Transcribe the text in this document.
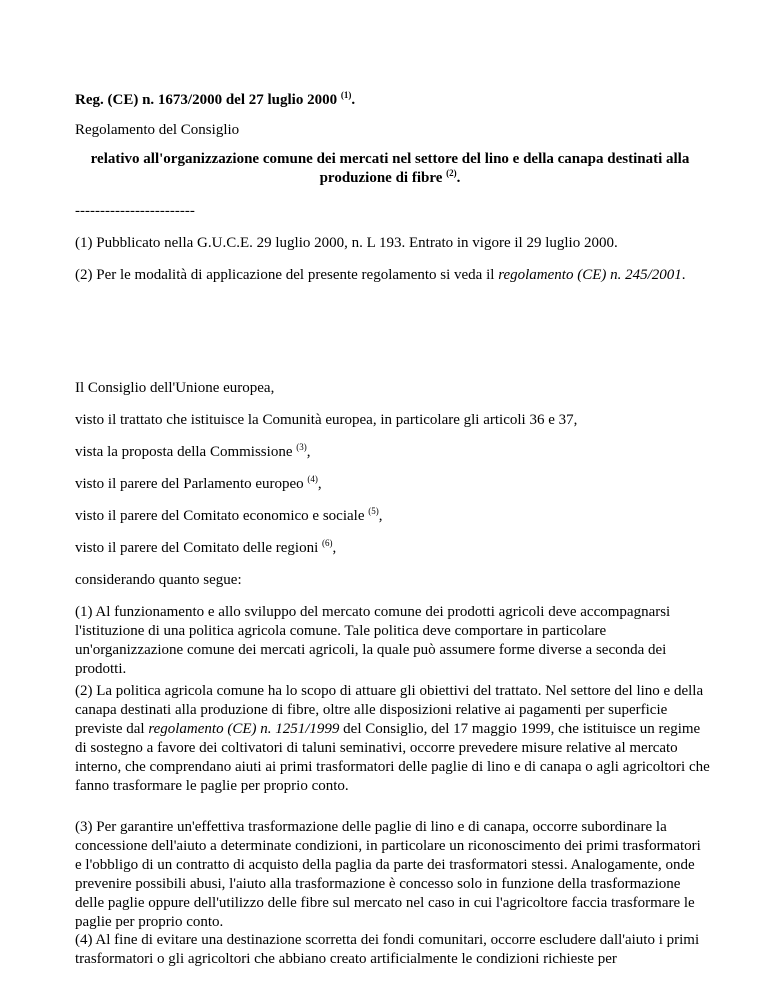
Reg. (CE) n. 1673/2000 del 27 luglio 2000 $^{(1)}$.
Regolamento del Consiglio
relativo all'organizzazione comune dei mercati nel settore del lino e della canapa destinati alla
produzione di fibre $^{(2)}$.
------------------------
(1) Pubblicato nella G.U.C.E. 29 luglio 2000, n. L 193. Entrato in vigore il 29 luglio 2000.
(2) Per le modalità di applicazione del presente regolamento si veda il regolamento (CE) n. 245/2001.
Il Consiglio dell'Unione europea,
visto il trattato che istituisce la Comunità europea, in particolare gli articoli 36 e 37,
vista la proposta della Commissione $^{(3)}$,
visto il parere del Parlamento europeo $^{(4)}$,
visto il parere del Comitato economico e sociale $^{(5)}$,
visto il parere del Comitato delle regioni $^{(6)}$,
considerando quanto segue:
(1) Al funzionamento e allo sviluppo del mercato comune dei prodotti agricoli deve accompagnarsi l'istituzione di una politica agricola comune. Tale politica deve comportare in particolare un'organizzazione comune dei mercati agricoli, la quale può assumere forme diverse a seconda dei prodotti.
(2) La politica agricola comune ha lo scopo di attuare gli obiettivi del trattato. Nel settore del lino e della canapa destinati alla produzione di fibre, oltre alle disposizioni relative ai pagamenti per superficie previste dal regolamento (CE) n. 1251/1999 del Consiglio, del 17 maggio 1999, che istituisce un regime di sostegno a favore dei coltivatori di taluni seminativi, occorre prevedere misure relative al mercato interno, che comprendano aiuti ai primi trasformatori delle paglie di lino e di canapa o agli agricoltori che fanno trasformare le paglie per proprio conto.
(3) Per garantire un'effettiva trasformazione delle paglie di lino e di canapa, occorre subordinare la concessione dell'aiuto a determinate condizioni, in particolare un riconoscimento dei primi trasformatori e l'obbligo di un contratto di acquisto della paglia da parte dei trasformatori stessi. Analogamente, onde prevenire possibili abusi, l'aiuto alla trasformazione è concesso solo in funzione della trasformazione delle paglie oppure dell'utilizzo delle fibre sul mercato nel caso in cui l'agricoltore faccia trasformare le paglie per proprio conto.
(4) Al fine di evitare una destinazione scorretta dei fondi comunitari, occorre escludere dall'aiuto i primi trasformatori o gli agricoltori che abbiano creato artificialmente le condizioni richieste per
